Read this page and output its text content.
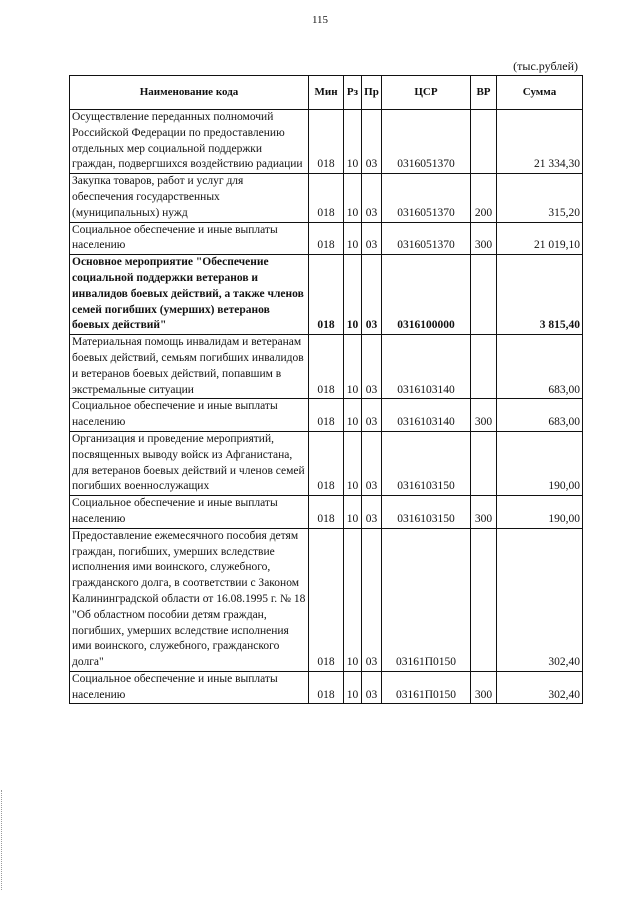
115
(тыс.рублей)
Наименование кода	Мин	Рз	Пр	ЦСР	ВР	Сумма
Осуществление переданных полномочий Российской Федерации по предоставлению отдельных мер социальной поддержки граждан, подвергшихся воздействию радиации	018	10	03	0316051370		21 334,30
Закупка товаров, работ и услуг для обеспечения государственных (муниципальных) нужд	018	10	03	0316051370	200	315,20
Социальное обеспечение и иные выплаты населению	018	10	03	0316051370	300	21 019,10
Основное мероприятие "Обеспечение социальной поддержки ветеранов и инвалидов боевых действий, а также членов семей погибших (умерших) ветеранов боевых действий"	018	10	03	0316100000		3 815,40
Материальная помощь инвалидам и ветеранам боевых действий, семьям погибших инвалидов и ветеранов боевых действий, попавшим в экстремальные ситуации	018	10	03	0316103140		683,00
Социальное обеспечение и иные выплаты населению	018	10	03	0316103140	300	683,00
Организация и проведение мероприятий, посвященных выводу войск из Афганистана, для ветеранов боевых действий и членов семей погибших военнослужащих	018	10	03	0316103150		190,00
Социальное обеспечение и иные выплаты населению	018	10	03	0316103150	300	190,00
Предоставление ежемесячного пособия детям граждан, погибших, умерших вследствие исполнения ими воинского, служебного, гражданского долга, в соответствии с Законом Калининградской области от 16.08.1995 г. № 18 "Об областном пособии детям граждан, погибших, умерших вследствие исполнения ими воинского, служебного, гражданского долга"	018	10	03	03161П0150		302,40
Социальное обеспечение и иные выплаты населению	018	10	03	03161П0150	300	302,40
